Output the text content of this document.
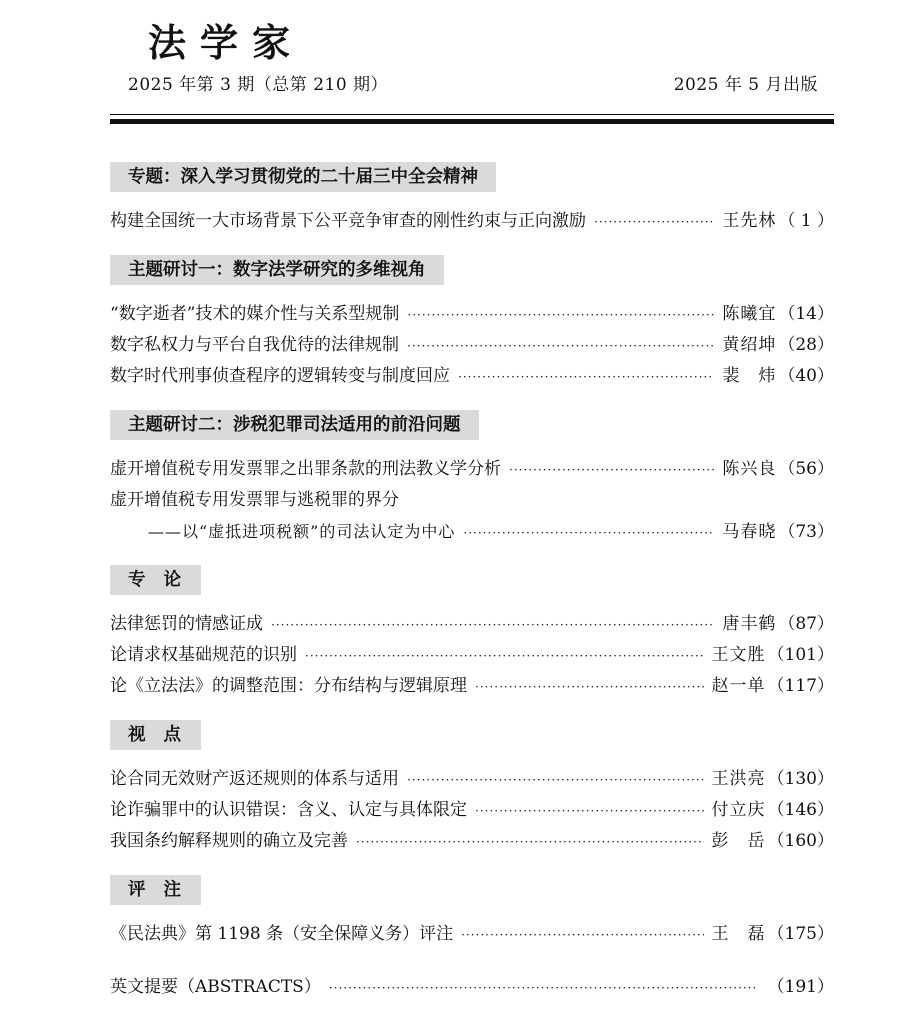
法学家
2025 年第 3 期（总第 210 期）	2025 年 5 月出版
专题：深入学习贯彻党的二十届三中全会精神
构建全国统一大市场背景下公平竞争审查的刚性约束与正向激励 ·····	王先林 （ 1 ）
主题研讨一：数字法学研究的多维视角
“数字逝者”技术的媒介性与关系型规制 ·····	陈曦宜 （14）
数字私权力与平台自我优待的法律规制 ·····	黄绍坤 （28）
数字时代刑事侦查程序的逻辑转变与制度回应 ·····	裴　炜 （40）
主题研讨二：涉税犯罪司法适用的前沿问题
虚开增值税专用发票罪之出罪条款的刑法教义学分析 ·····	陈兴良 （56）
虚开增值税专用发票罪与逃税罪的界分
——以“虚抵进项税额”的司法认定为中心 ·····	马春晓 （73）
专论
法律惩罚的情感证成 ·····	唐丰鹤 （87）
论请求权基础规范的识别 ·····	王文胜 （101）
论《立法法》的调整范围：分布结构与逻辑原理 ·····	赵一单 （117）
视点
论合同无效财产返还规则的体系与适用 ·····	王洪亮 （130）
论诈骗罪中的认识错误：含义、认定与具体限定 ·····	付立庆 （146）
我国条约解释规则的确立及完善 ·····	彭　岳 （160）
评注
《民法典》第 1198 条（安全保障义务）评注 ·····	王　磊 （175）
英文提要（ABSTRACTS） ·····	（191）
